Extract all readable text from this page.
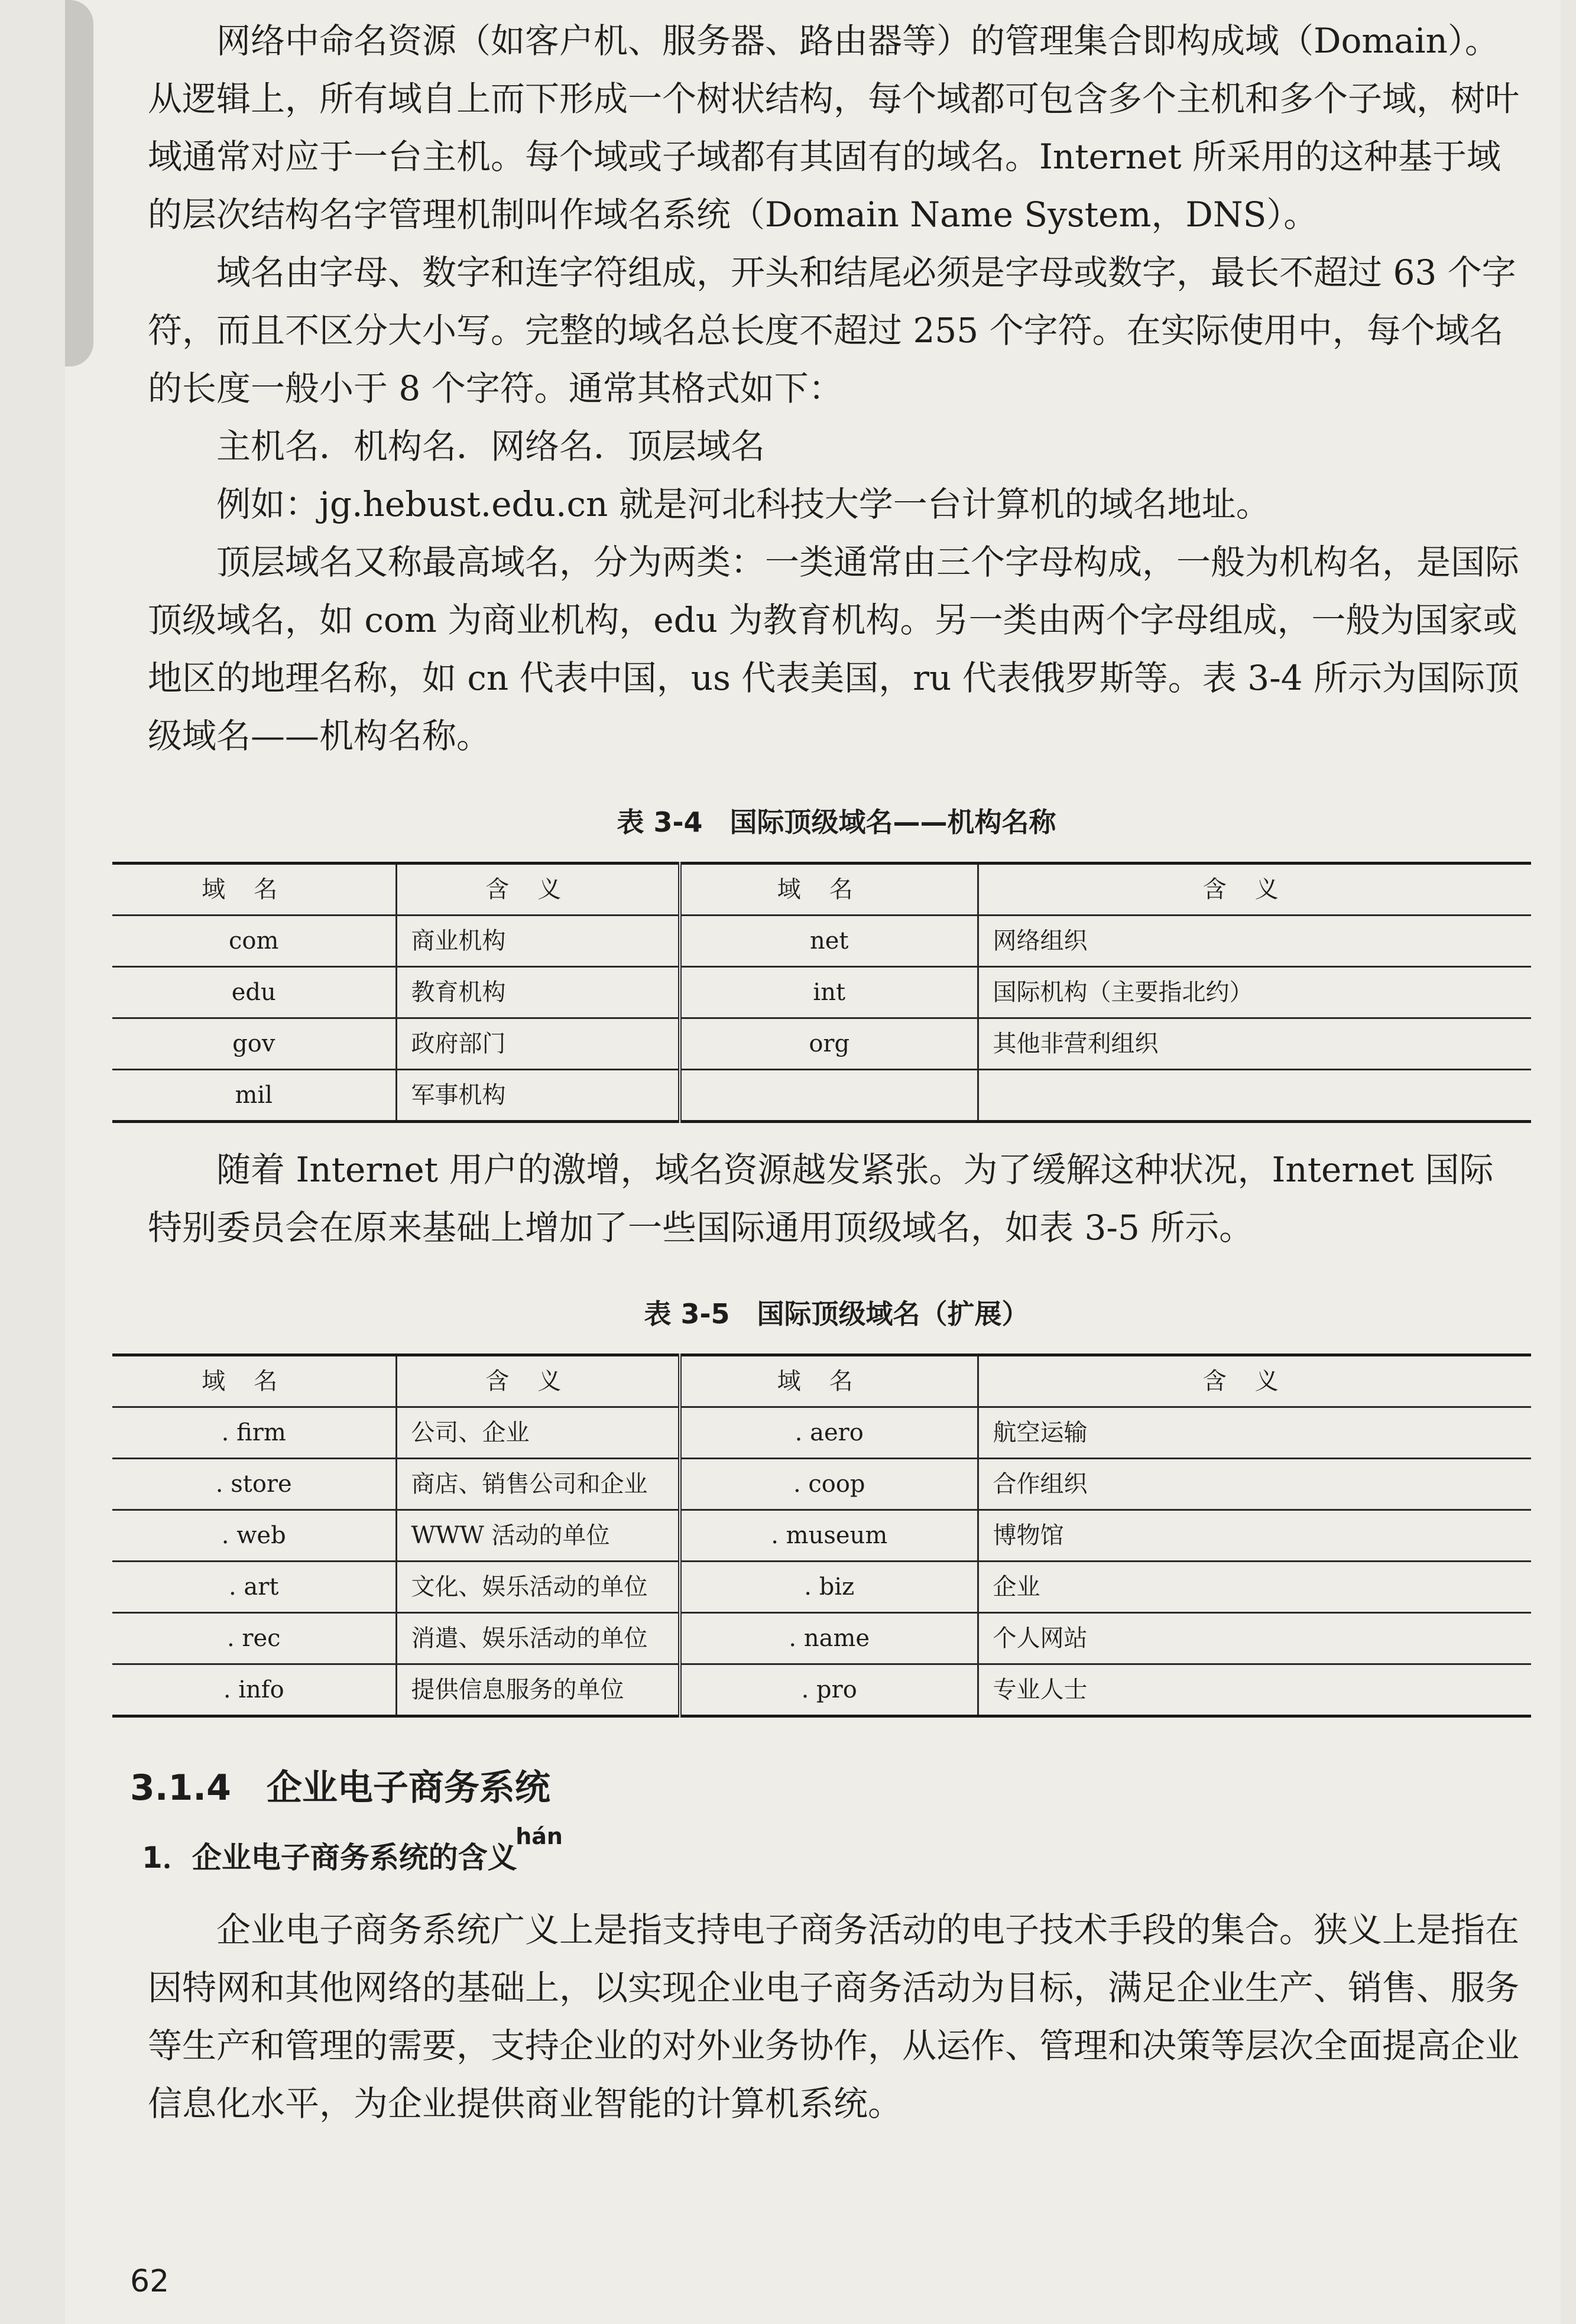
网络中命名资源（如客户机、服务器、路由器等）的管理集合即构成域（Domain）。从逻辑上，所有域自上而下形成一个树状结构，每个域都可包含多个主机和多个子域，树叶域通常对应于一台主机。每个域或子域都有其固有的域名。Internet 所采用的这种基于域的层次结构名字管理机制叫作域名系统（Domain Name System，DNS）。

域名由字母、数字和连字符组成，开头和结尾必须是字母或数字，最长不超过 63 个字符，而且不区分大小写。完整的域名总长度不超过 255 个字符。在实际使用中，每个域名的长度一般小于 8 个字符。通常其格式如下：

主机名．机构名．网络名．顶层域名

例如：jg.hebust.edu.cn 就是河北科技大学一台计算机的域名地址。

顶层域名又称最高域名，分为两类：一类通常由三个字母构成，一般为机构名，是国际顶级域名，如 com 为商业机构，edu 为教育机构。另一类由两个字母组成，一般为国家或地区的地理名称，如 cn 代表中国，us 代表美国，ru 代表俄罗斯等。表 3-4 所示为国际顶级域名——机构名称。

表 3-4　国际顶级域名——机构名称
域名	含义	域名	含义
com	商业机构	net	网络组织
edu	教育机构	int	国际机构（主要指北约）
gov	政府部门	org	其他非营利组织
mil	军事机构		

随着 Internet 用户的激增，域名资源越发紧张。为了缓解这种状况，Internet 国际特别委员会在原来基础上增加了一些国际通用顶级域名，如表 3-5 所示。

表 3-5　国际顶级域名（扩展）
域名	含义	域名	含义
. firm	公司、企业	. aero	航空运输
. store	商店、销售公司和企业	. coop	合作组织
. web	WWW 活动的单位	. museum	博物馆
. art	文化、娱乐活动的单位	. biz	企业
. rec	消遣、娱乐活动的单位	. name	个人网站
. info	提供信息服务的单位	. pro	专业人士
3.1.4　企业电子商务系统
1．企业电子商务系统的含义 $^{hán}$

企业电子商务系统广义上是指支持电子商务活动的电子技术手段的集合。狭义上是指在因特网和其他网络的基础上，以实现企业电子商务活动为目标，满足企业生产、销售、服务等生产和管理的需要，支持企业的对外业务协作，从运作、管理和决策等层次全面提高企业信息化水平，为企业提供商业智能的计算机系统。

62
